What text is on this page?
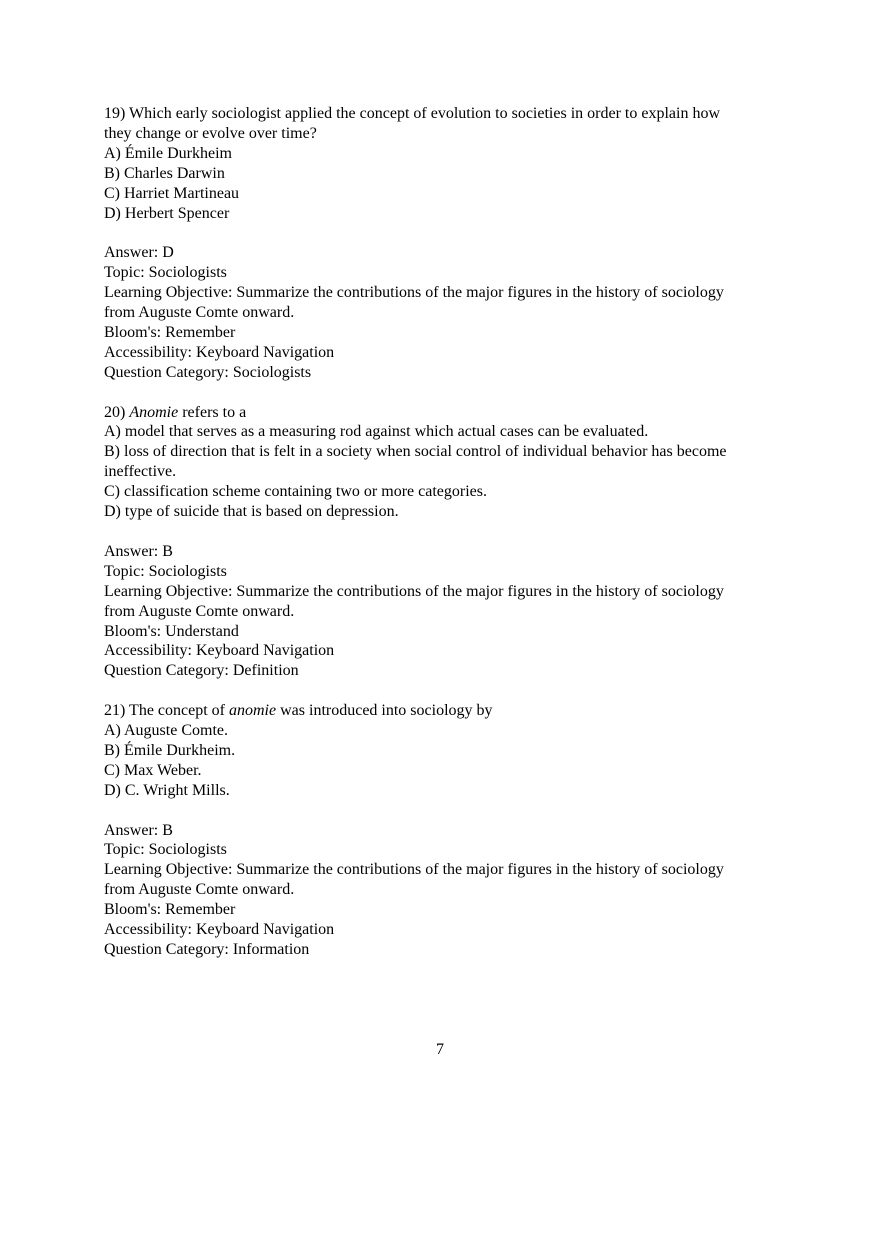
19) Which early sociologist applied the concept of evolution to societies in order to explain how
they change or evolve over time?
A) Émile Durkheim
B) Charles Darwin
C) Harriet Martineau
D) Herbert Spencer
Answer: D
Topic: Sociologists
Learning Objective: Summarize the contributions of the major figures in the history of sociology
from Auguste Comte onward.
Bloom's: Remember
Accessibility: Keyboard Navigation
Question Category: Sociologists
20) Anomie refers to a
A) model that serves as a measuring rod against which actual cases can be evaluated.
B) loss of direction that is felt in a society when social control of individual behavior has become
ineffective.
C) classification scheme containing two or more categories.
D) type of suicide that is based on depression.
Answer: B
Topic: Sociologists
Learning Objective: Summarize the contributions of the major figures in the history of sociology
from Auguste Comte onward.
Bloom's: Understand
Accessibility: Keyboard Navigation
Question Category: Definition
21) The concept of anomie was introduced into sociology by
A) Auguste Comte.
B) Émile Durkheim.
C) Max Weber.
D) C. Wright Mills.
Answer: B
Topic: Sociologists
Learning Objective: Summarize the contributions of the major figures in the history of sociology
from Auguste Comte onward.
Bloom's: Remember
Accessibility: Keyboard Navigation
Question Category: Information
7
